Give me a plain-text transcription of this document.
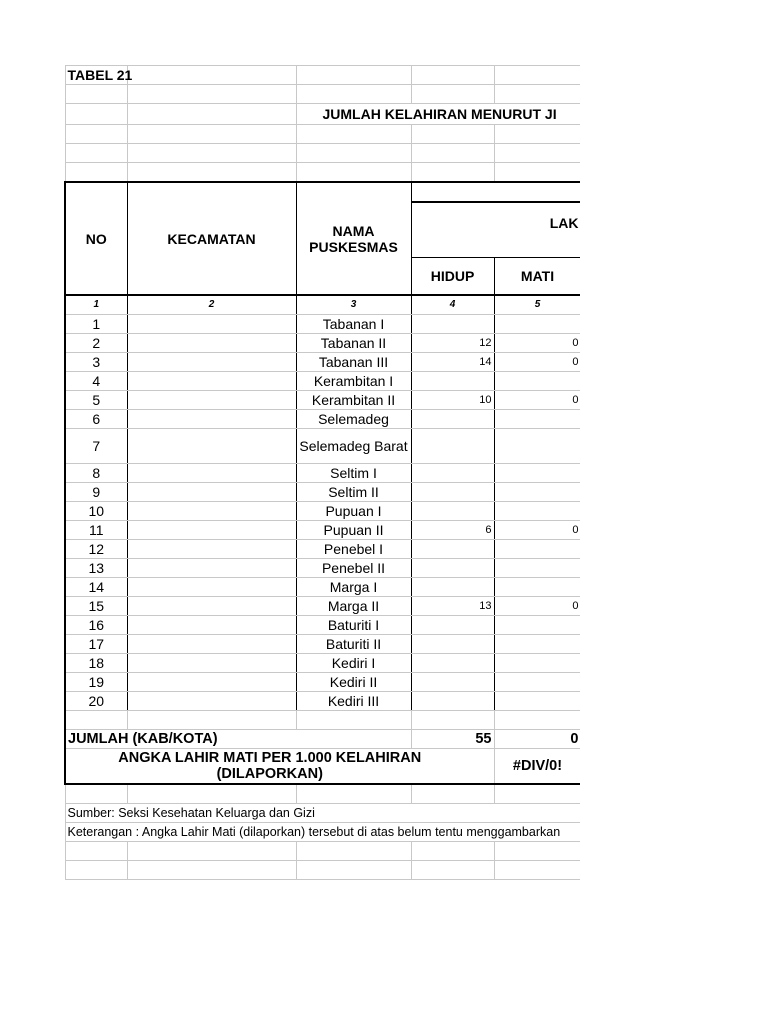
TABEL 21				

		JUMLAH KELAHIRAN MENURUT JI		

NO	KECAMATAN	NAMA PUSKESMAS		
			LAK	
			HIDUP	MATI
1	2	3	4	5
1		Tabanan I		
2		Tabanan II	12	0
3		Tabanan III	14	0
4		Kerambitan I		
5		Kerambitan II	10	0
6		Selemadeg		
7		Selemadeg Barat		
8		Seltim I		
9		Seltim II		
10		Pupuan I		
11		Pupuan II	6	0
12		Penebel I		
13		Penebel II		
14		Marga I		
15		Marga II	13	0
16		Baturiti I		
17		Baturiti II		
18		Kediri I		
19		Kediri II		
20		Kediri III		

JUMLAH (KAB/KOTA)			55	0
ANGKA LAHIR MATI PER 1.000 KELAHIRAN (DILAPORKAN)				#DIV/0!

Sumber: Seksi Kesehatan Keluarga dan Gizi				
Keterangan : Angka Lahir Mati (dilaporkan) tersebut di atas belum tentu menggambarkan				
